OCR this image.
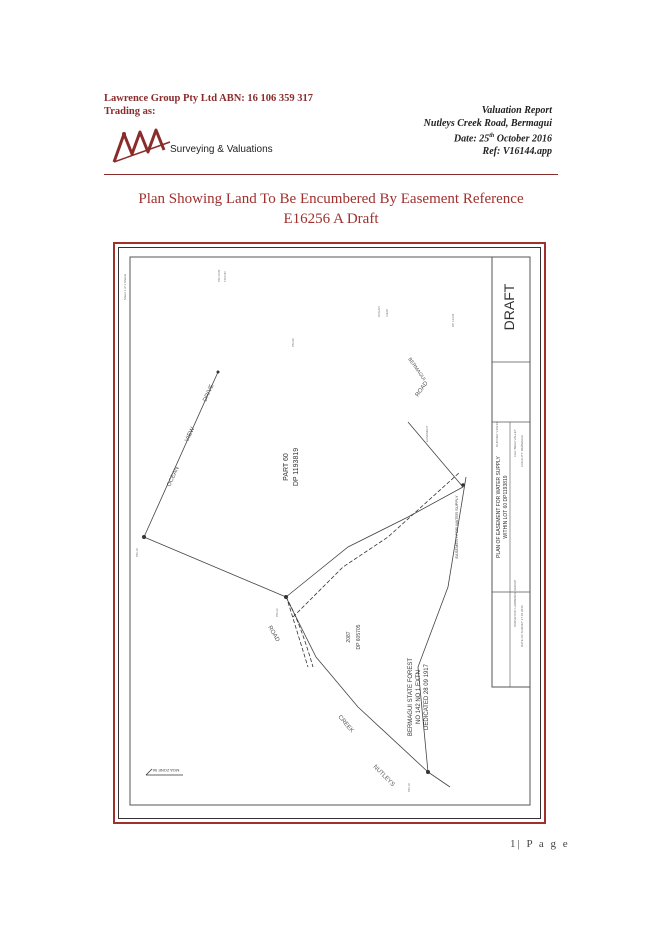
Lawrence Group Pty Ltd ABN: 16 106 359 317
Trading as:
Surveying & Valuations
Valuation Report
Nutleys Creek Road, Bermagui
Date: 25th October 2016
Ref: V16144.app
Plan Showing Land To Be Encumbered By Easement Reference
E16256 A Draft
DRAFT
PLAN OF EASEMENT FOR WATER SUPPLY WITHIN LOT 60 DP1193819
OUR REF V16144	LGA: BEGA VALLEY LOCALITY: BERMAGUI
SURVEYOR: LAWRENCE GROUP DATE OF SURVEY 17.10.2016
PART 60 DP 1193819
2087 DP 605705
BERMAGUI STATE FOREST NO 142 NO 1 EXTN DEDICATED 28 09 1917
OCEAN
VIEW
DRIVE
ROAD
NUTLEYS
CREEK
ROAD
BERMAGUI
EASEMENT FOR WATER SUPPLY
Sheet 1 of 1 Sheets
MGA ZONE 56
PM 19 BI FOUND
PM 90
OCEAN VIEW
EASEMENT
DP 12335
PM 22
PM 19
PM 10
1| P a g e
